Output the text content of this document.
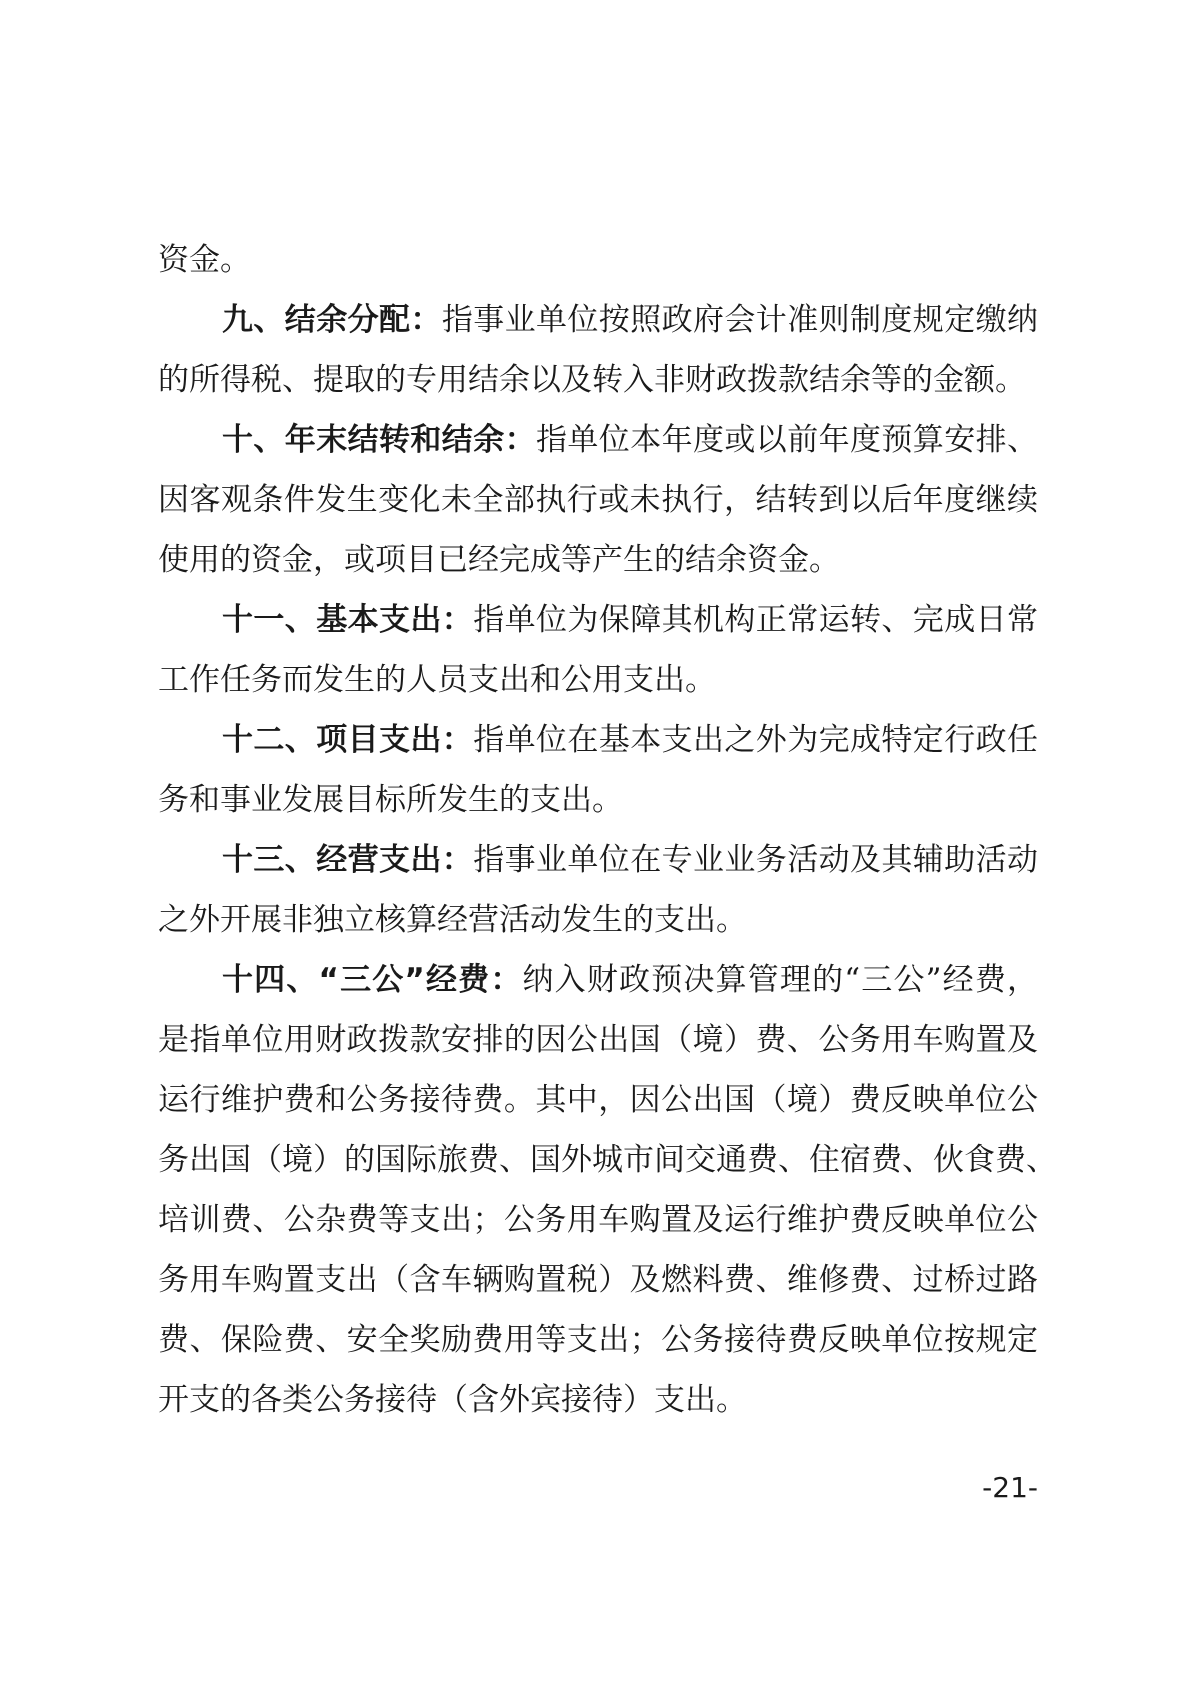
资金。
九、结余分配：指事业单位按照政府会计准则制度规定缴纳
的所得税、提取的专用结余以及转入非财政拨款结余等的金额。
十、年末结转和结余：指单位本年度或以前年度预算安排、
因客观条件发生变化未全部执行或未执行，结转到以后年度继续
使用的资金，或项目已经完成等产生的结余资金。
十一、基本支出：指单位为保障其机构正常运转、完成日常
工作任务而发生的人员支出和公用支出。
十二、项目支出：指单位在基本支出之外为完成特定行政任
务和事业发展目标所发生的支出。
十三、经营支出：指事业单位在专业业务活动及其辅助活动
之外开展非独立核算经营活动发生的支出。
十四、“三公”经费：纳入财政预决算管理的“三公”经费，
是指单位用财政拨款安排的因公出国（境）费、公务用车购置及
运行维护费和公务接待费。其中，因公出国（境）费反映单位公
务出国（境）的国际旅费、国外城市间交通费、住宿费、伙食费、
培训费、公杂费等支出；公务用车购置及运行维护费反映单位公
务用车购置支出（含车辆购置税）及燃料费、维修费、过桥过路
费、保险费、安全奖励费用等支出；公务接待费反映单位按规定
开支的各类公务接待（含外宾接待）支出。
-21-
